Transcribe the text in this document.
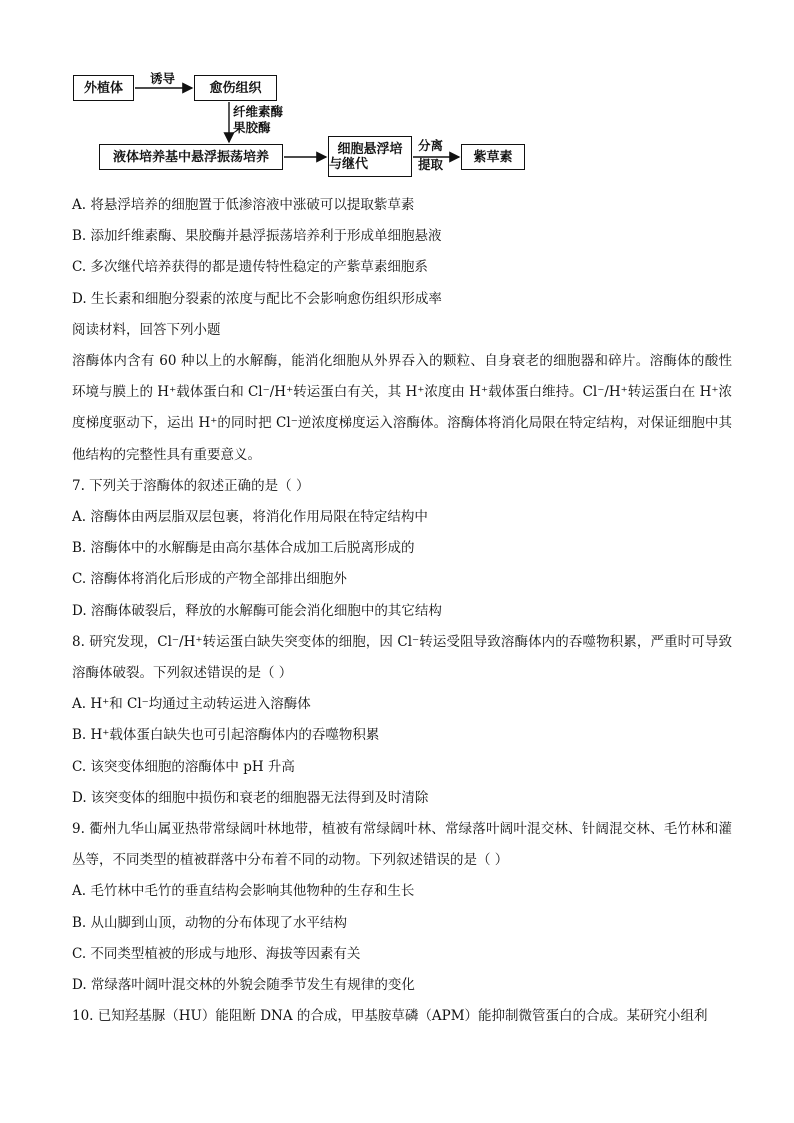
外植体
诱导
愈伤组织
纤维素酶
果胶酶
液体培养基中悬浮振荡培养
细胞悬浮培
与继代
分离
提取	紫草素
A. 将悬浮培养的细胞置于低渗溶液中涨破可以提取紫草素
B. 添加纤维素酶、果胶酶并悬浮振荡培养利于形成单细胞悬液
C. 多次继代培养获得的都是遗传特性稳定的产紫草素细胞系
D. 生长素和细胞分裂素的浓度与配比不会影响愈伤组织形成率
阅读材料，回答下列小题
溶酶体内含有 60 种以上的水解酶，能消化细胞从外界吞入的颗粒、自身衰老的细胞器和碎片。溶酶体的酸性环境与膜上的 H⁺载体蛋白和 Cl⁻/H⁺转运蛋白有关，其 H⁺浓度由 H⁺载体蛋白维持。Cl⁻/H⁺转运蛋白在 H⁺浓度梯度驱动下，运出 H⁺的同时把 Cl⁻逆浓度梯度运入溶酶体。溶酶体将消化局限在特定结构，对保证细胞中其他结构的完整性具有重要意义。
7. 下列关于溶酶体的叙述正确的是（ ）
A. 溶酶体由两层脂双层包裹，将消化作用局限在特定结构中
B. 溶酶体中的水解酶是由高尔基体合成加工后脱离形成的
C. 溶酶体将消化后形成的产物全部排出细胞外
D. 溶酶体破裂后，释放的水解酶可能会消化细胞中的其它结构
8. 研究发现，Cl⁻/H⁺转运蛋白缺失突变体的细胞，因 Cl⁻转运受阻导致溶酶体内的吞噬物积累，严重时可导致溶酶体破裂。下列叙述错误的是（ ）
A. H⁺和 Cl⁻均通过主动转运进入溶酶体
B. H⁺载体蛋白缺失也可引起溶酶体内的吞噬物积累
C. 该突变体细胞的溶酶体中 pH 升高
D. 该突变体的细胞中损伤和衰老的细胞器无法得到及时清除
9. 衢州九华山属亚热带常绿阔叶林地带，植被有常绿阔叶林、常绿落叶阔叶混交林、针阔混交林、毛竹林和灌丛等，不同类型的植被群落中分布着不同的动物。下列叙述错误的是（ ）
A. 毛竹林中毛竹的垂直结构会影响其他物种的生存和生长
B. 从山脚到山顶，动物的分布体现了水平结构
C. 不同类型植被的形成与地形、海拔等因素有关
D. 常绿落叶阔叶混交林的外貌会随季节发生有规律的变化
10. 已知羟基脲（HU）能阻断 DNA 的合成，甲基胺草磷（APM）能抑制微管蛋白的合成。某研究小组利
